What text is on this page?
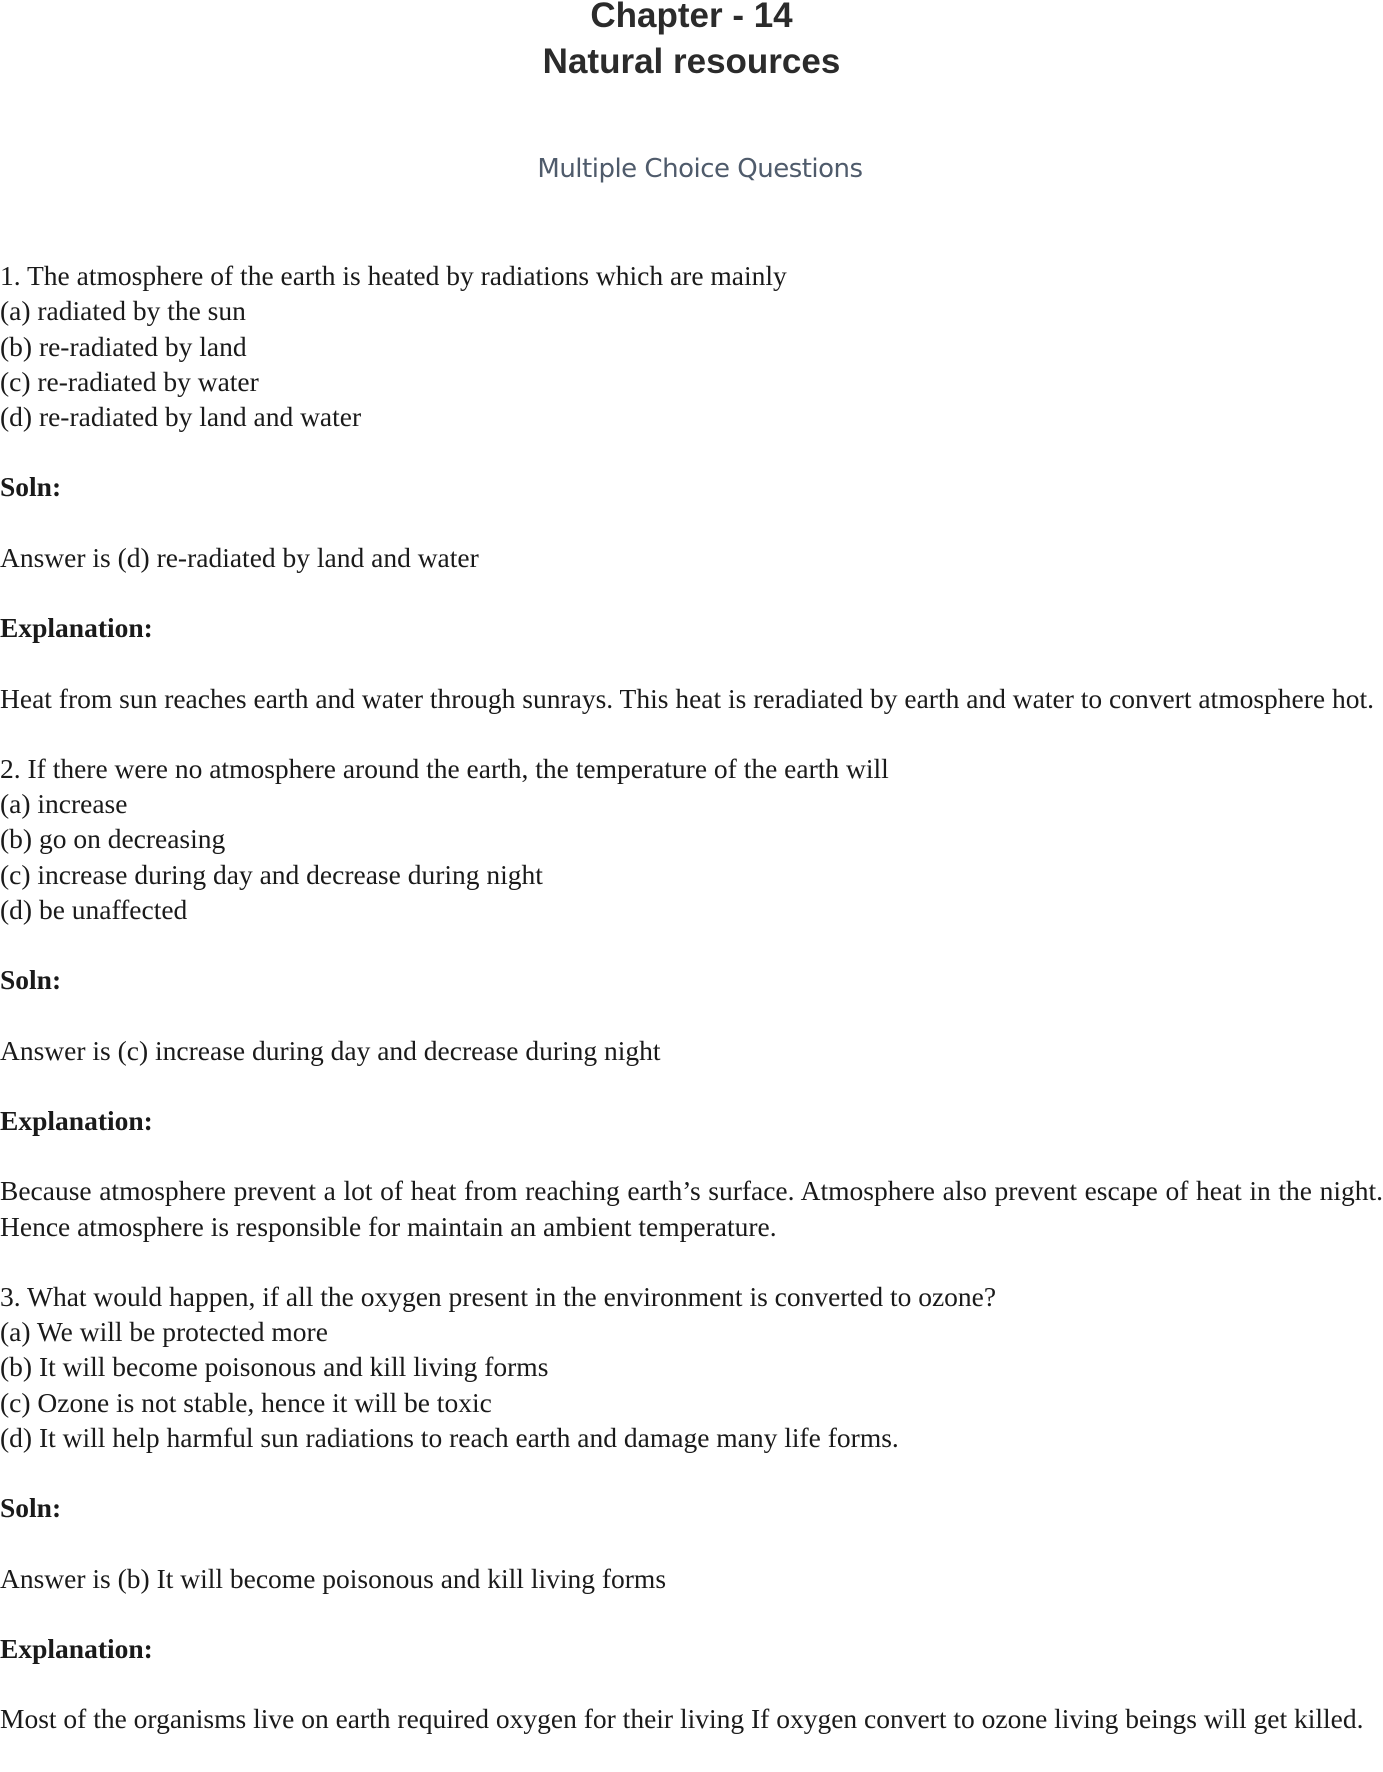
Chapter - 14
Natural resources
Multiple Choice Questions

1. The atmosphere of the earth is heated by radiations which are mainly
(a) radiated by the sun
(b) re-radiated by land
(c) re-radiated by water
(d) re-radiated by land and water

Soln:

Answer is (d) re-radiated by land and water

Explanation:

Heat from sun reaches earth and water through sunrays. This heat is reradiated by earth and water to convert atmosphere hot.

2. If there were no atmosphere around the earth, the temperature of the earth will
(a) increase
(b) go on decreasing
(c) increase during day and decrease during night
(d) be unaffected

Soln:

Answer is (c) increase during day and decrease during night

Explanation:

Because atmosphere prevent a lot of heat from reaching earth’s surface. Atmosphere also prevent escape of heat in the night. Hence atmosphere is responsible for maintain an ambient temperature.

3. What would happen, if all the oxygen present in the environment is converted to ozone?
(a) We will be protected more
(b) It will become poisonous and kill living forms
(c) Ozone is not stable, hence it will be toxic
(d) It will help harmful sun radiations to reach earth and damage many life forms.

Soln:

Answer is (b) It will become poisonous and kill living forms

Explanation:

Most of the organisms live on earth required oxygen for their living If oxygen convert to ozone living beings will get killed.
